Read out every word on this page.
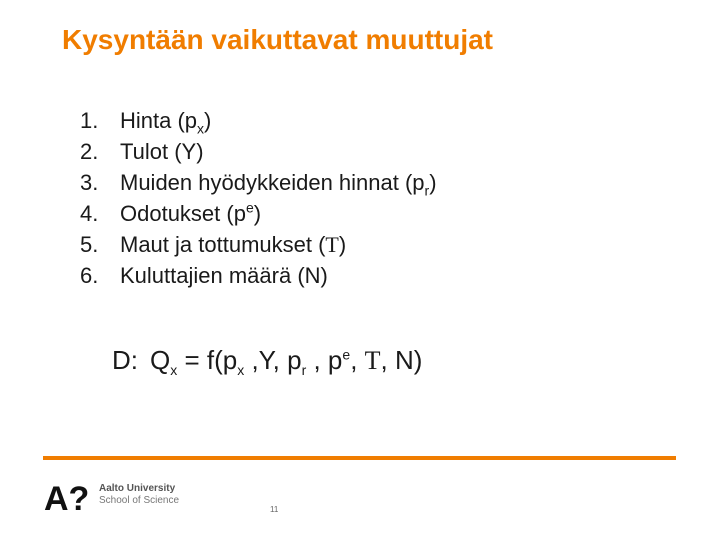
Kysyntään vaikuttavat muuttujat
1. Hinta $(p_x)$
2. Tulot (Y)
3. Muiden hyödykkeiden hinnat $(p_r)$
4. Odotukset $(p^e)$
5. Maut ja tottumukset (T)
6. Kuluttajien määrä (N)
D: $Q_x = f(p_x$ ,Y, $p_r$ , $p^e$, T, N)
A? Aalto University
School of Science
11
